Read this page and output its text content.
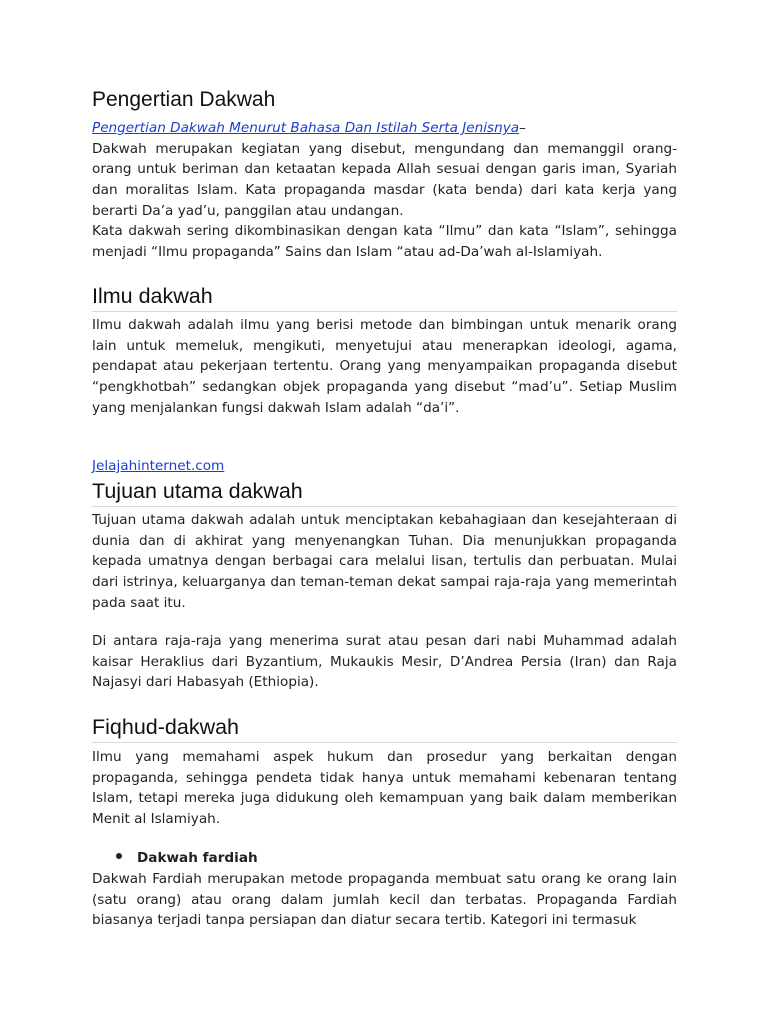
Pengertian Dakwah

Pengertian Dakwah Menurut Bahasa Dan Istilah Serta Jenisnya–
Dakwah merupakan kegiatan yang disebut, mengundang dan memanggil orang-orang untuk beriman dan ketaatan kepada Allah sesuai dengan garis iman, Syariah dan moralitas Islam. Kata propaganda masdar (kata benda) dari kata kerja yang berarti Da’a yad’u, panggilan atau undangan.

Kata dakwah sering dikombinasikan dengan kata “Ilmu” dan kata “Islam”, sehingga menjadi “Ilmu propaganda” Sains dan Islam “atau ad-Da’wah al-Islamiyah.

Ilmu dakwah

Ilmu dakwah adalah ilmu yang berisi metode dan bimbingan untuk menarik orang lain untuk memeluk, mengikuti, menyetujui atau menerapkan ideologi, agama, pendapat atau pekerjaan tertentu. Orang yang menyampaikan propaganda disebut “pengkhotbah” sedangkan objek propaganda yang disebut “mad’u”. Setiap Muslim yang menjalankan fungsi dakwah Islam adalah “da’i”.

Jelajahinternet.com
Tujuan utama dakwah

Tujuan utama dakwah adalah untuk menciptakan kebahagiaan dan kesejahteraan di dunia dan di akhirat yang menyenangkan Tuhan. Dia menunjukkan propaganda kepada umatnya dengan berbagai cara melalui lisan, tertulis dan perbuatan. Mulai dari istrinya, keluarganya dan teman-teman dekat sampai raja-raja yang memerintah pada saat itu.

Di antara raja-raja yang menerima surat atau pesan dari nabi Muhammad adalah kaisar Heraklius dari Byzantium, Mukaukis Mesir, D’Andrea Persia (Iran) dan Raja Najasyi dari Habasyah (Ethiopia).

Fiqhud-dakwah

Ilmu yang memahami aspek hukum dan prosedur yang berkaitan dengan propaganda, sehingga pendeta tidak hanya untuk memahami kebenaran tentang Islam, tetapi mereka juga didukung oleh kemampuan yang baik dalam memberikan Menit al Islamiyah.

Dakwah fardiah

Dakwah Fardiah merupakan metode propaganda membuat satu orang ke orang lain (satu orang) atau orang dalam jumlah kecil dan terbatas. Propaganda Fardiah biasanya terjadi tanpa persiapan dan diatur secara tertib. Kategori ini termasuk
